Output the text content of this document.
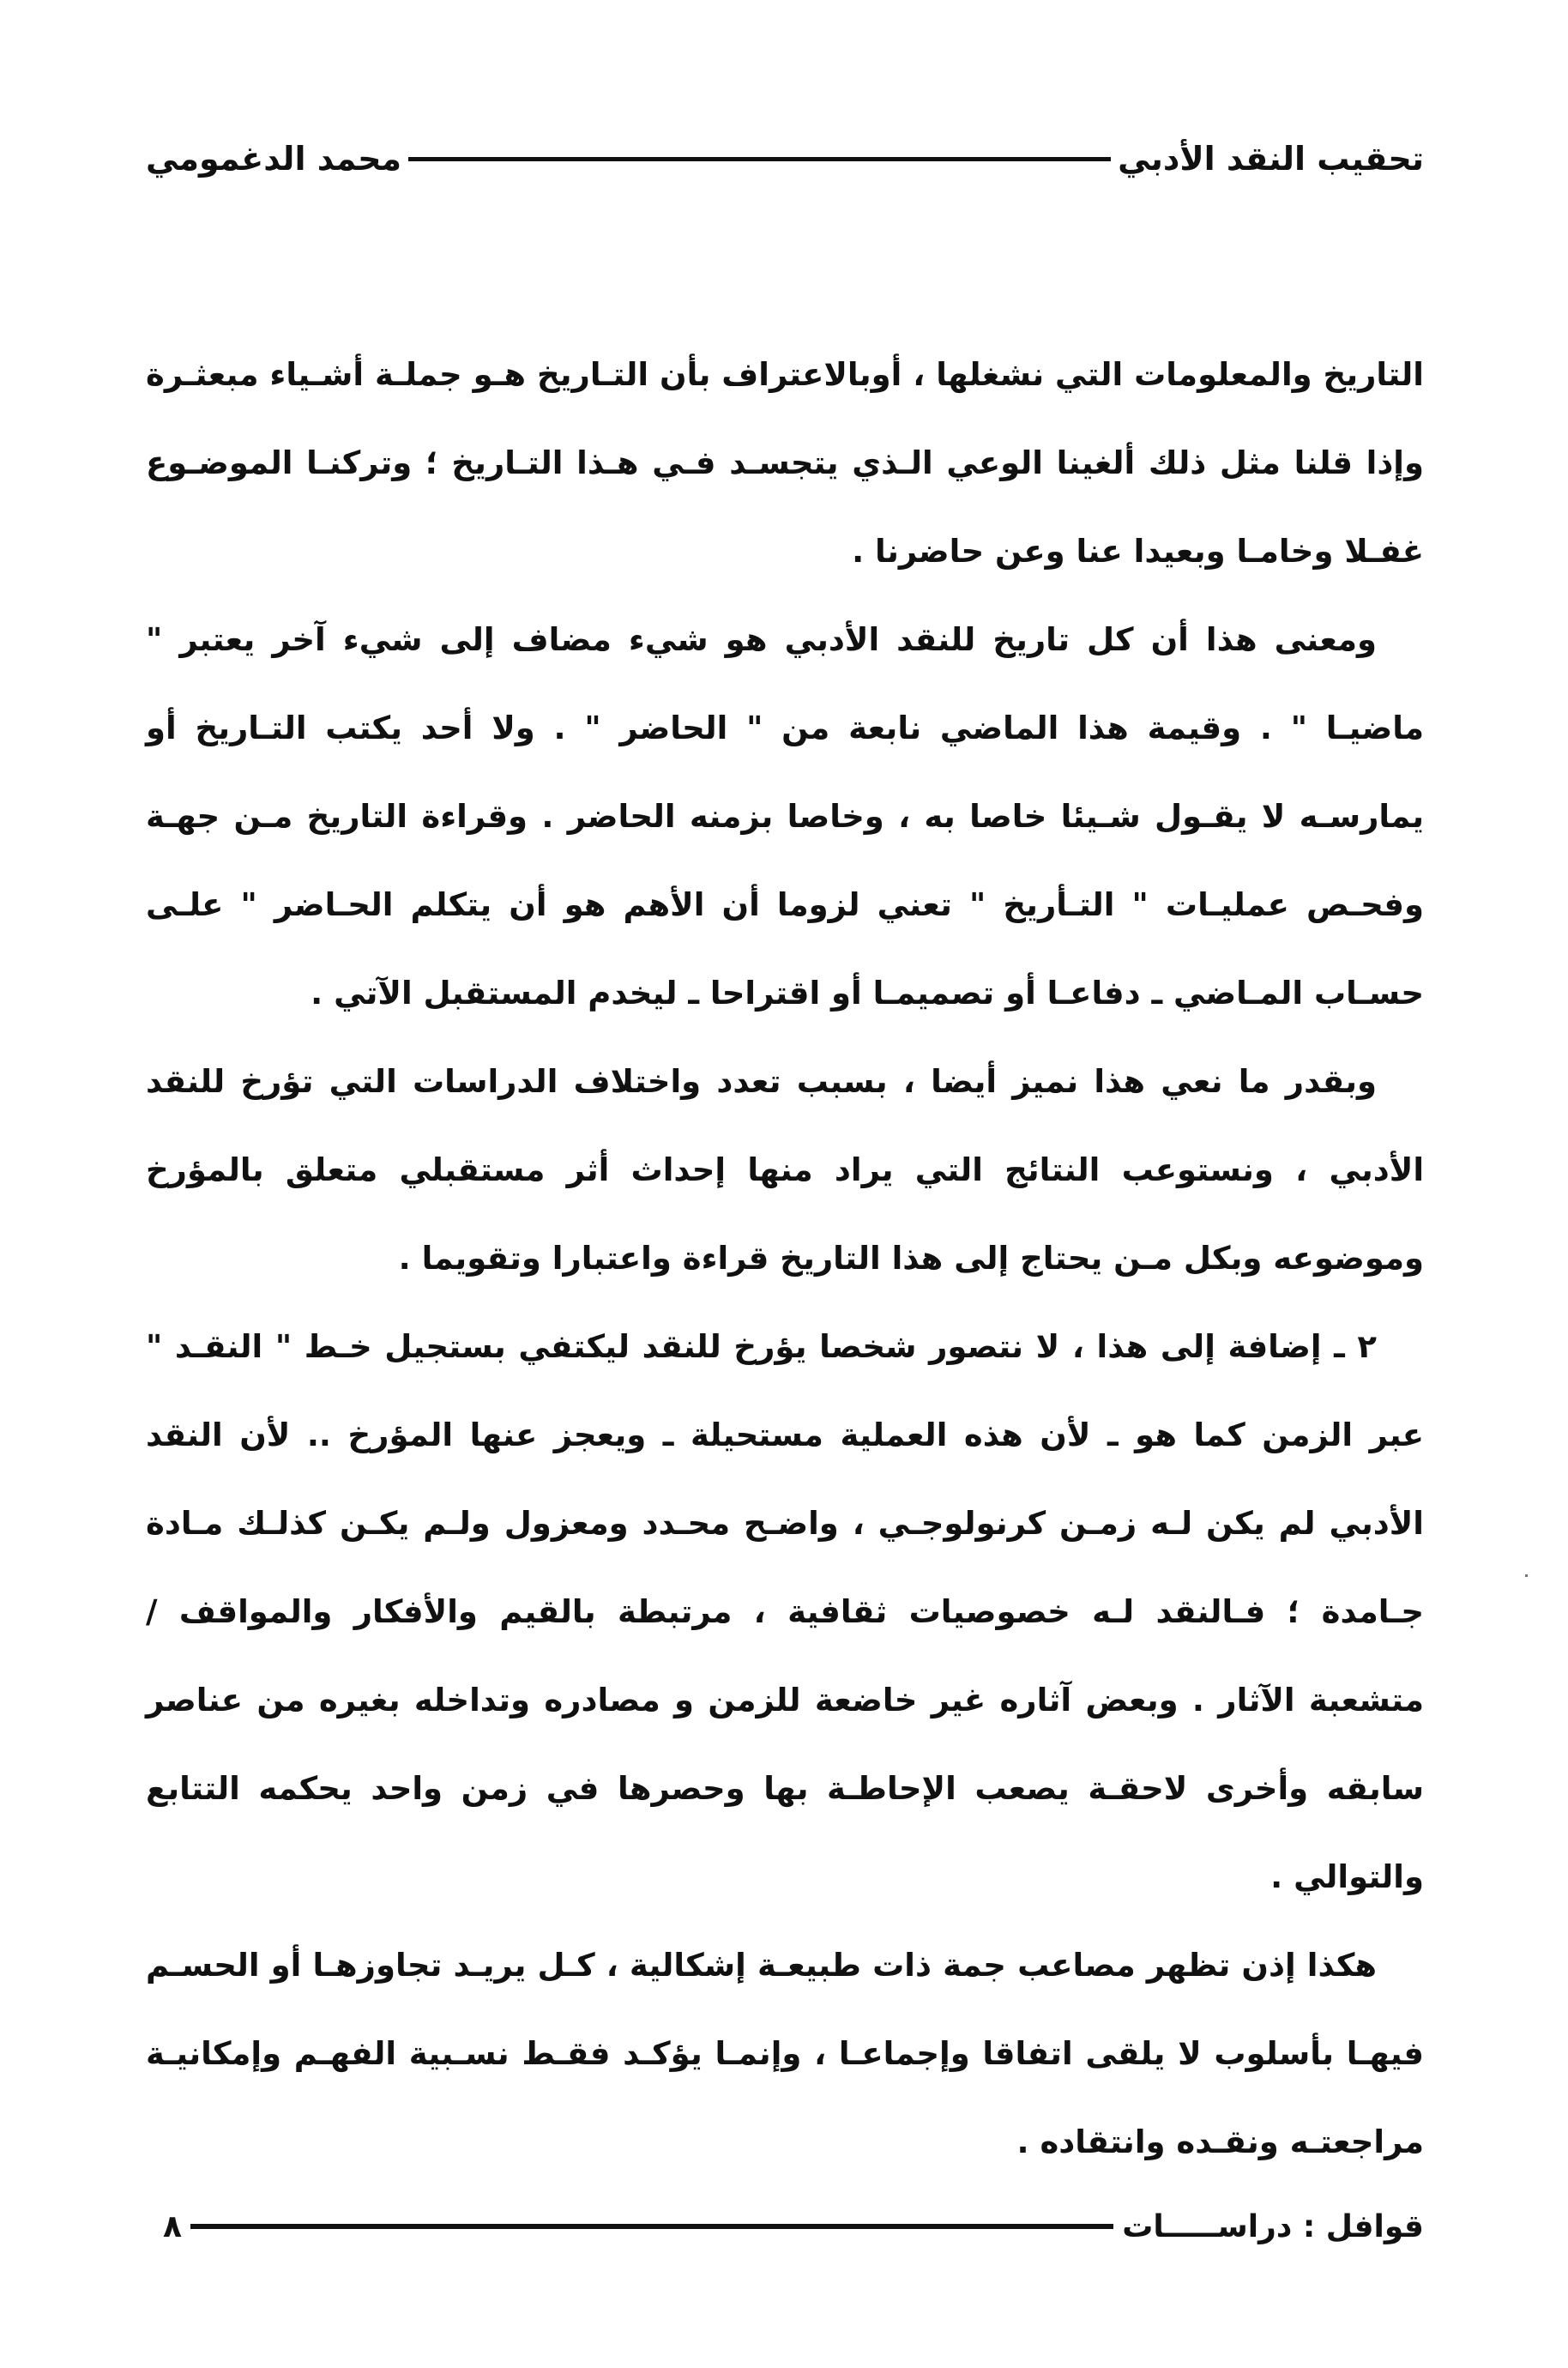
تحقيب النقد الأدبي
محمد الدغمومي

التاريخ والمعلومات التي نشغلها ، أوبالاعتراف بأن التـاريخ هـو جملـة أشـياء مبعثـرة وإذا قلنا مثل ذلك ألغينا الوعي الـذي يتجسـد فـي هـذا التـاريخ ؛ وتركنـا الموضـوع غفـلا وخامـا وبعيدا عنا وعن حاضرنا .

ومعنى هذا أن كل تاريخ للنقد الأدبي هو شيء مضاف إلى شيء آخر يعتبر " ماضيـا " . وقيمة هذا الماضي نابعة من " الحاضر " . ولا أحد يكتب التـاريخ أو يمارسـه لا يقـول شـيئا خاصا به ، وخاصا بزمنه الحاضر . وقراءة التاريخ مـن جهـة وفحـص عمليـات " التـأريخ " تعني لزوما أن الأهم هو أن يتكلم الحـاضر " علـى حسـاب المـاضي ـ دفاعـا أو تصميمـا أو اقتراحا ـ ليخدم المستقبل الآتي .

وبقدر ما نعي هذا نميز أيضا ، بسبب تعدد واختلاف الدراسات التي تؤرخ للنقد الأدبي ، ونستوعب النتائج التي يراد منها إحداث أثر مستقبلي متعلق بالمؤرخ وموضوعه وبكل مـن يحتاج إلى هذا التاريخ قراءة واعتبارا وتقويما .

٢ ـ إضافة إلى هذا ، لا نتصور شخصا يؤرخ للنقد ليكتفي بستجيل خـط " النقـد " عبر الزمن كما هو ـ لأن هذه العملية مستحيلة ـ ويعجز عنها المؤرخ .. لأن النقد الأدبي لم يكن لـه زمـن كرنولوجـي ، واضـح محـدد ومعزول ولـم يكـن كذلـك مـادة جـامدة ؛ فـالنقد لـه خصوصيات ثقافية ، مرتبطة بالقيم والأفكار والمواقف / متشعبة الآثار . وبعض آثاره غير خاضعة للزمن و مصادره وتداخله بغيره من عناصر سابقه وأخرى لاحقـة يصعب الإحاطـة بها وحصرها في زمن واحد يحكمه التتابع والتوالي .

هكذا إذن تظهر مصاعب جمة ذات طبيعـة إشكالية ، كـل يريـد تجاوزهـا أو الحسـم فيهـا بأسلوب لا يلقى اتفاقا وإجماعـا ، وإنمـا يؤكـد فقـط نسـبية الفهـم وإمكانيـة مراجعتـه ونقـده وانتقاده .

قوافل : دراســـــات
٨
